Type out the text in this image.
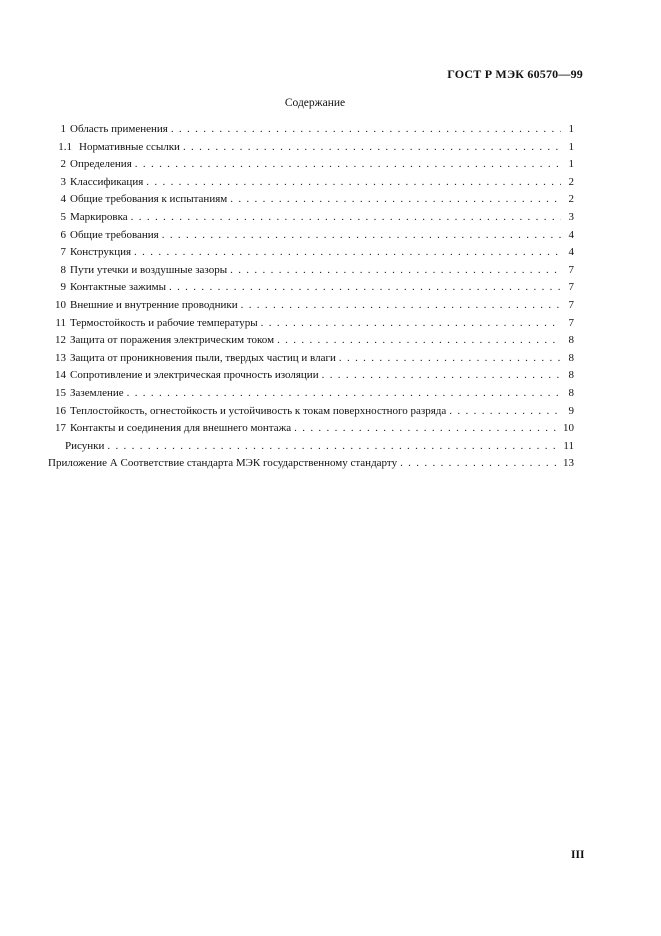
ГОСТ Р МЭК 60570—99
Содержание
1 Область применения . . .	1
1.1 Нормативные ссылки . . .	1
2 Определения . . .	1
3 Классификация . . .	2
4 Общие требования к испытаниям . . .	2
5 Маркировка . . .	3
6 Общие требования . . .	4
7 Конструкция . . .	4
8 Пути утечки и воздушные зазоры . . .	7
9 Контактные зажимы . . .	7
10 Внешние и внутренние проводники . . .	7
11 Термостойкость и рабочие температуры . . .	7
12 Защита от поражения электрическим током . . .	8
13 Защита от проникновения пыли, твердых частиц и влаги . . .	8
14 Сопротивление и электрическая прочность изоляции . . .	8
15 Заземление . . .	8
16 Теплостойкость, огнестойкость и устойчивость к токам поверхностного разряда . . .	9
17 Контакты и соединения для внешнего монтажа . . .	10
Рисунки . . .	11
Приложение А Соответствие стандарта МЭК государственному стандарту . . .	13
III
